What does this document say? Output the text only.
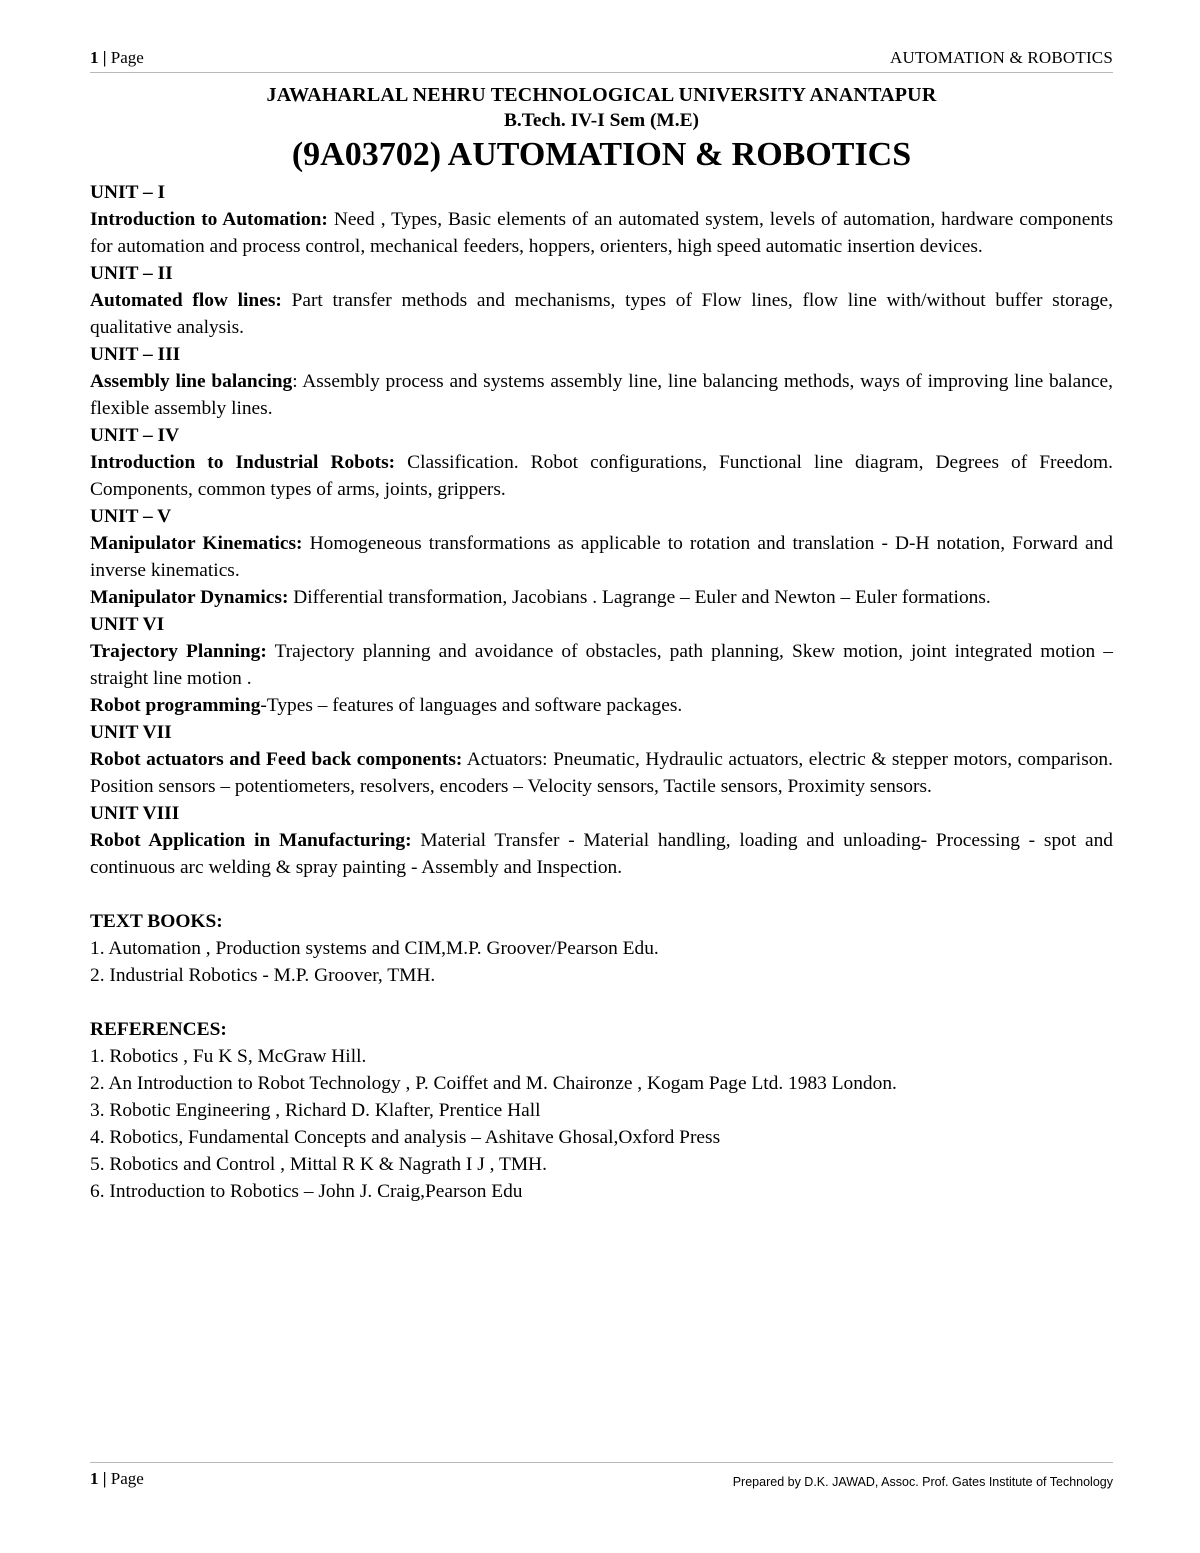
1 | Page	AUTOMATION & ROBOTICS
JAWAHARLAL NEHRU TECHNOLOGICAL UNIVERSITY ANANTAPUR
B.Tech. IV-I Sem (M.E)
(9A03702) AUTOMATION & ROBOTICS
UNIT – I
Introduction to Automation: Need , Types, Basic elements of an automated system, levels of automation, hardware components for automation and process control, mechanical feeders, hoppers, orienters, high speed automatic insertion devices.
UNIT – II
Automated flow lines: Part transfer methods and mechanisms, types of Flow lines, flow line with/without buffer storage, qualitative analysis.
UNIT – III
Assembly line balancing: Assembly process and systems assembly line, line balancing methods, ways of improving line balance, flexible assembly lines.
UNIT – IV
Introduction to Industrial Robots: Classification. Robot configurations, Functional line diagram, Degrees of Freedom. Components, common types of arms, joints, grippers.
UNIT – V
Manipulator Kinematics: Homogeneous transformations as applicable to rotation and translation - D-H notation, Forward and inverse kinematics.
Manipulator Dynamics: Differential transformation, Jacobians . Lagrange – Euler and Newton – Euler formations.
UNIT VI
Trajectory Planning: Trajectory planning and avoidance of obstacles, path planning, Skew motion, joint integrated motion – straight line motion .
Robot programming-Types – features of languages and software packages.
UNIT VII
Robot actuators and Feed back components: Actuators: Pneumatic, Hydraulic actuators, electric & stepper motors, comparison. Position sensors – potentiometers, resolvers, encoders – Velocity sensors, Tactile sensors, Proximity sensors.
UNIT VIII
Robot Application in Manufacturing: Material Transfer - Material handling, loading and unloading- Processing - spot and continuous arc welding & spray painting - Assembly and Inspection.
TEXT BOOKS:
1. Automation , Production systems and CIM,M.P. Groover/Pearson Edu.
2. Industrial Robotics - M.P. Groover, TMH.
REFERENCES:
1. Robotics , Fu K S, McGraw Hill.
2. An Introduction to Robot Technology , P. Coiffet and M. Chaironze , Kogam Page Ltd. 1983 London.
3. Robotic Engineering , Richard D. Klafter, Prentice Hall
4. Robotics, Fundamental Concepts and analysis – Ashitave Ghosal,Oxford Press
5. Robotics and Control , Mittal R K & Nagrath I J , TMH.
6. Introduction to Robotics – John J. Craig,Pearson Edu
1 | Page	Prepared by D.K. JAWAD, Assoc. Prof. Gates Institute of Technology
